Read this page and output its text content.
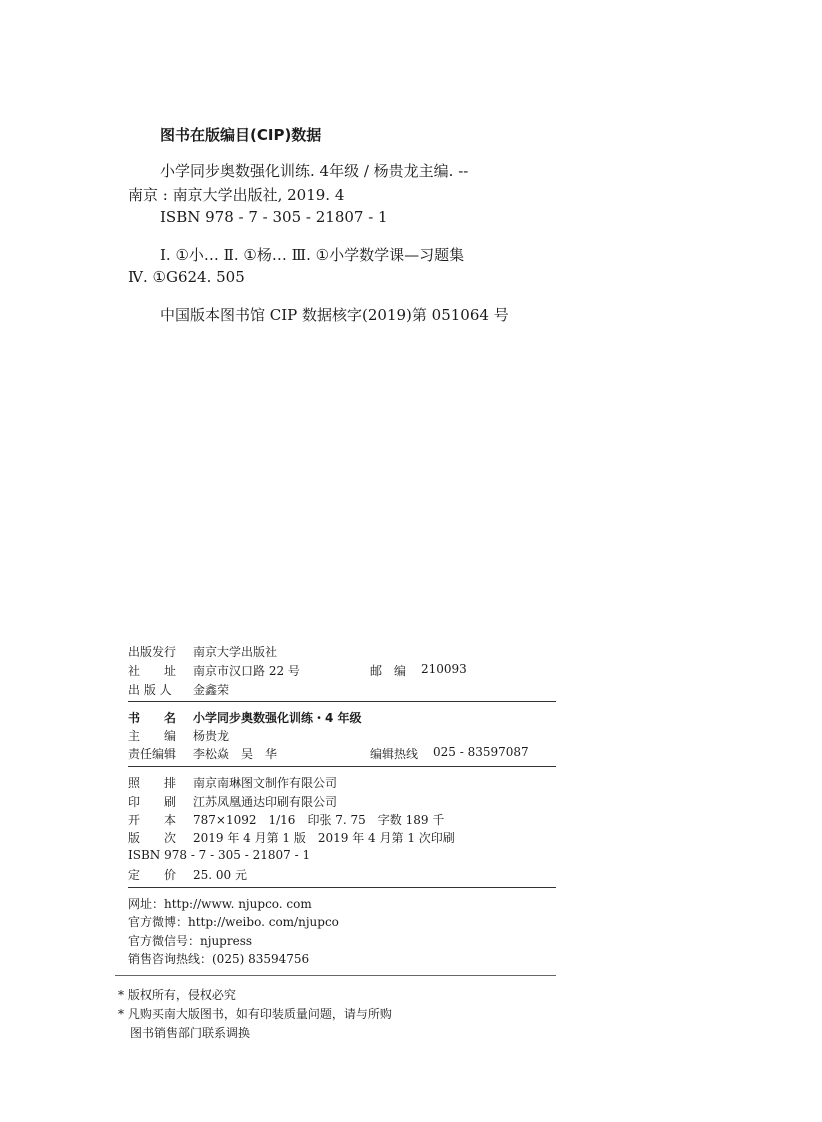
图书在版编目(CIP)数据
小学同步奥数强化训练. 4年级 / 杨贵龙主编. --
南京 : 南京大学出版社, 2019. 4
ISBN 978 - 7 - 305 - 21807 - 1
Ⅰ. ①小… Ⅱ. ①杨… Ⅲ. ①小学数学课—习题集
Ⅳ. ①G624. 505
中国版本图书馆 CIP 数据核字(2019)第 051064 号
出版发行 南京大学出版社
社　　址 南京市汉口路 22 号	邮　编 210093
出 版 人 金鑫荣
书　　名 小学同步奥数强化训练・4 年级
主　　编 杨贵龙
责任编辑 李松焱　吴　华	编辑热线 025 - 83597087
照　　排 南京南琳图文制作有限公司
印　　刷 江苏凤凰通达印刷有限公司
开　　本 787×1092　1/16　印张 7. 75　字数 189 千
版　　次 2019 年 4 月第 1 版　2019 年 4 月第 1 次印刷
ISBN 978 - 7 - 305 - 21807 - 1
定　　价 25. 00 元
网址：http://www. njupco. com
官方微博：http://weibo. com/njupco
官方微信号：njupress
销售咨询热线：(025) 83594756
* 版权所有，侵权必究
* 凡购买南大版图书，如有印装质量问题，请与所购
图书销售部门联系调换
